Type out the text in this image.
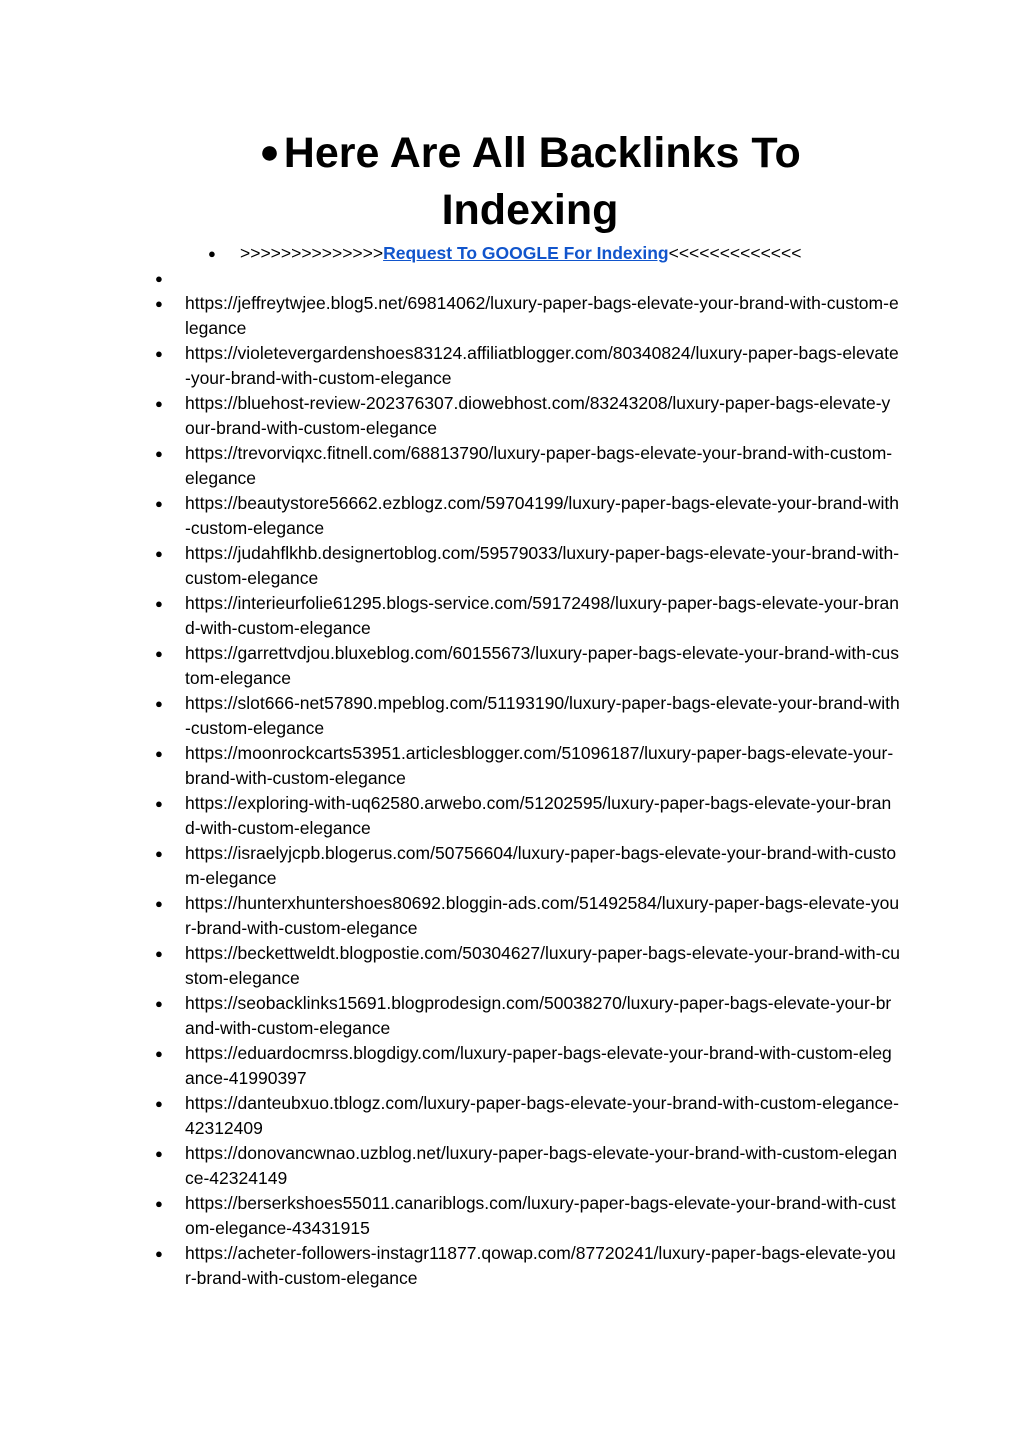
●Here Are All Backlinks To Indexing
● >>>>>>>>>>>>>>Request To GOOGLE For Indexing<<<<<<<<<<<<<
●
● https://jeffreytwjee.blog5.net/69814062/luxury-paper-bags-elevate-your-brand-with-custom-elegance
● https://violetevergardenshoes83124.affiliatblogger.com/80340824/luxury-paper-bags-elevate-your-brand-with-custom-elegance
● https://bluehost-review-202376307.diowebhost.com/83243208/luxury-paper-bags-elevate-your-brand-with-custom-elegance
● https://trevorviqxc.fitnell.com/68813790/luxury-paper-bags-elevate-your-brand-with-custom-elegance
● https://beautystore56662.ezblogz.com/59704199/luxury-paper-bags-elevate-your-brand-with-custom-elegance
● https://judahflkhb.designertoblog.com/59579033/luxury-paper-bags-elevate-your-brand-with-custom-elegance
● https://interieurfolie61295.blogs-service.com/59172498/luxury-paper-bags-elevate-your-brand-with-custom-elegance
● https://garrettvdjou.bluxeblog.com/60155673/luxury-paper-bags-elevate-your-brand-with-custom-elegance
● https://slot666-net57890.mpeblog.com/51193190/luxury-paper-bags-elevate-your-brand-with-custom-elegance
● https://moonrockcarts53951.articlesblogger.com/51096187/luxury-paper-bags-elevate-your-brand-with-custom-elegance
● https://exploring-with-uq62580.arwebo.com/51202595/luxury-paper-bags-elevate-your-brand-with-custom-elegance
● https://israelyjcpb.blogerus.com/50756604/luxury-paper-bags-elevate-your-brand-with-custom-elegance
● https://hunterxhuntershoes80692.bloggin-ads.com/51492584/luxury-paper-bags-elevate-your-brand-with-custom-elegance
● https://beckettweldt.blogpostie.com/50304627/luxury-paper-bags-elevate-your-brand-with-custom-elegance
● https://seobacklinks15691.blogprodesign.com/50038270/luxury-paper-bags-elevate-your-brand-with-custom-elegance
● https://eduardocmrss.blogdigy.com/luxury-paper-bags-elevate-your-brand-with-custom-elegance-41990397
● https://danteubxuo.tblogz.com/luxury-paper-bags-elevate-your-brand-with-custom-elegance-42312409
● https://donovancwnao.uzblog.net/luxury-paper-bags-elevate-your-brand-with-custom-elegance-42324149
● https://berserkshoes55011.canariblogs.com/luxury-paper-bags-elevate-your-brand-with-custom-elegance-43431915
● https://acheter-followers-instagr11877.qowap.com/87720241/luxury-paper-bags-elevate-your-brand-with-custom-elegance
